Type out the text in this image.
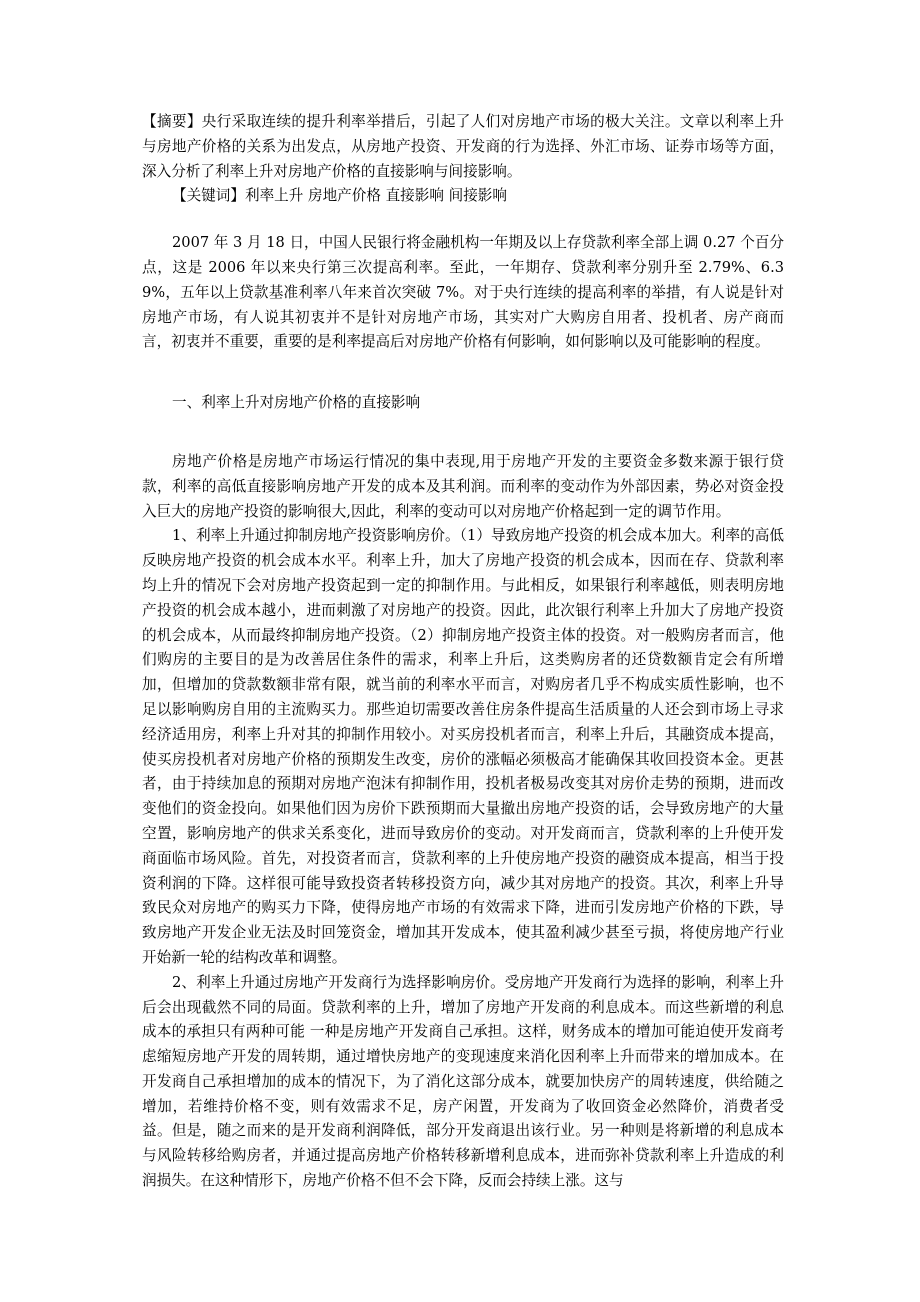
【摘要】央行采取连续的提升利率举措后，引起了人们对房地产市场的极大关注。文章以利率上升与房地产价格的关系为出发点，从房地产投资、开发商的行为选择、外汇市场、证券市场等方面，深入分析了利率上升对房地产价格的直接影响与间接影响。

【关键词】利率上升 房地产价格 直接影响 间接影响

2007 年 3 月 18 日，中国人民银行将金融机构一年期及以上存贷款利率全部上调 0.27 个百分点，这是 2006 年以来央行第三次提高利率。至此，一年期存、贷款利率分别升至 2.79%、6.39%，五年以上贷款基准利率八年来首次突破 7%。对于央行连续的提高利率的举措，有人说是针对房地产市场，有人说其初衷并不是针对房地产市场，其实对广大购房自用者、投机者、房产商而言，初衷并不重要，重要的是利率提高后对房地产价格有何影响，如何影响以及可能影响的程度。

一、利率上升对房地产价格的直接影响

房地产价格是房地产市场运行情况的集中表现,用于房地产开发的主要资金多数来源于银行贷款，利率的高低直接影响房地产开发的成本及其利润。而利率的变动作为外部因素，势必对资金投入巨大的房地产投资的影响很大,因此，利率的变动可以对房地产价格起到一定的调节作用。

1、利率上升通过抑制房地产投资影响房价。（1）导致房地产投资的机会成本加大。利率的高低反映房地产投资的机会成本水平。利率上升，加大了房地产投资的机会成本，因而在存、贷款利率均上升的情况下会对房地产投资起到一定的抑制作用。与此相反，如果银行利率越低，则表明房地产投资的机会成本越小，进而刺激了对房地产的投资。因此，此次银行利率上升加大了房地产投资的机会成本，从而最终抑制房地产投资。（2）抑制房地产投资主体的投资。对一般购房者而言，他们购房的主要目的是为改善居住条件的需求，利率上升后，这类购房者的还贷数额肯定会有所增加，但增加的贷款数额非常有限，就当前的利率水平而言，对购房者几乎不构成实质性影响，也不足以影响购房自用的主流购买力。那些迫切需要改善住房条件提高生活质量的人还会到市场上寻求经济适用房，利率上升对其的抑制作用较小。对买房投机者而言，利率上升后，其融资成本提高，使买房投机者对房地产价格的预期发生改变，房价的涨幅必须极高才能确保其收回投资本金。更甚者，由于持续加息的预期对房地产泡沫有抑制作用，投机者极易改变其对房价走势的预期，进而改变他们的资金投向。如果他们因为房价下跌预期而大量撤出房地产投资的话，会导致房地产的大量空置，影响房地产的供求关系变化，进而导致房价的变动。对开发商而言，贷款利率的上升使开发商面临市场风险。首先，对投资者而言，贷款利率的上升使房地产投资的融资成本提高，相当于投资利润的下降。这样很可能导致投资者转移投资方向，减少其对房地产的投资。其次，利率上升导致民众对房地产的购买力下降，使得房地产市场的有效需求下降，进而引发房地产价格的下跌，导致房地产开发企业无法及时回笼资金，增加其开发成本，使其盈利减少甚至亏损，将使房地产行业开始新一轮的结构改革和调整。

2、利率上升通过房地产开发商行为选择影响房价。受房地产开发商行为选择的影响，利率上升后会出现截然不同的局面。贷款利率的上升，增加了房地产开发商的利息成本。而这些新增的利息成本的承担只有两种可能 一种是房地产开发商自己承担。这样，财务成本的增加可能迫使开发商考虑缩短房地产开发的周转期，通过增快房地产的变现速度来消化因利率上升而带来的增加成本。在开发商自己承担增加的成本的情况下，为了消化这部分成本，就要加快房产的周转速度，供给随之增加，若维持价格不变，则有效需求不足，房产闲置，开发商为了收回资金必然降价，消费者受益。但是，随之而来的是开发商利润降低，部分开发商退出该行业。另一种则是将新增的利息成本与风险转移给购房者，并通过提高房地产价格转移新增利息成本，进而弥补贷款利率上升造成的利润损失。在这种情形下，房地产价格不但不会下降，反而会持续上涨。这与
